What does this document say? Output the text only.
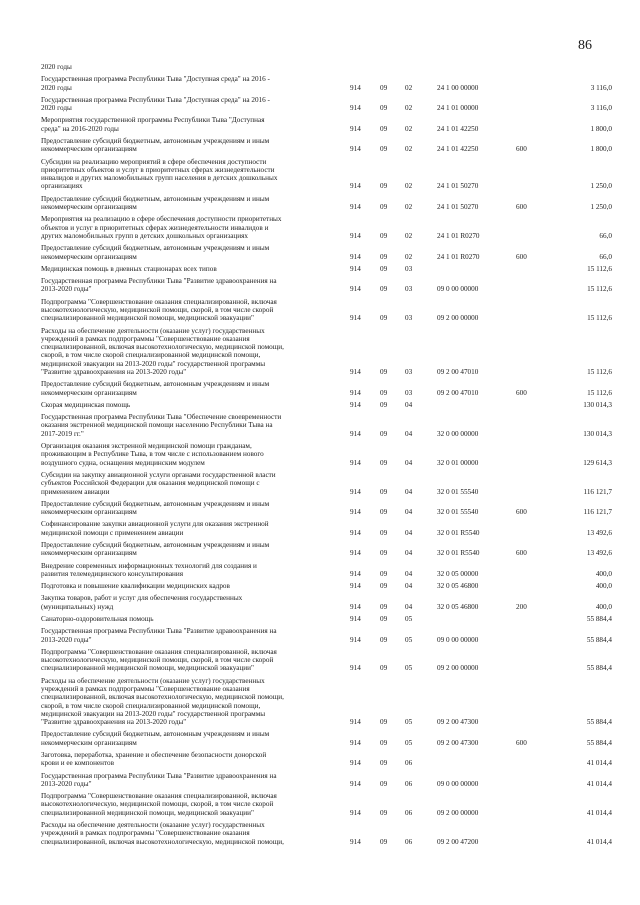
86
2020 годы
Государственная программа Республики Тыва "Доступная среда" на 2016 -
2020 годы	914	09	02	24 1 00 00000	3 116,0
Государственная программа Республики Тыва "Доступная среда" на 2016 -
2020 годы	914	09	02	24 1 01 00000	3 116,0
Мероприятия государственной программы Республики Тыва "Доступная
среда" на 2016-2020 годы	914	09	02	24 1 01 42250	1 800,0
Предоставление субсидий бюджетным, автономным учреждениям и иным
некоммерческим организациям	914	09	02	24 1 01 42250	600	1 800,0
Субсидии на реализацию мероприятий в сфере обеспечения доступности
приоритетных объектов и услуг в приоритетных сферах жизнедеятельности
инвалидов и других маломобильных групп населения в детских дошкольных
организациях	914	09	02	24 1 01 50270	1 250,0
Предоставление субсидий бюджетным, автономным учреждениям и иным
некоммерческим организациям	914	09	02	24 1 01 50270	600	1 250,0
Мероприятия на реализацию в сфере обеспечения доступности приоритетных
объектов и услуг в приоритетных сферах жизнедеятельности инвалидов и
других маломобильных групп в детских дошкольных организациях	914	09	02	24 1 01 R0270	66,0
Предоставление субсидий бюджетным, автономным учреждениям и иным
некоммерческим организациям	914	09	02	24 1 01 R0270	600	66,0
Медицинская помощь в дневных стационарах всех типов	914	09	03	15 112,6
Государственная программа Республики Тыва "Развитие здравоохранения на
2013-2020 годы"	914	09	03	09 0 00 00000	15 112,6
Подпрограмма "Совершенствование оказания специализированной, включая
высокотехнологическую, медицинской помощи, скорой, в том числе скорой
специализированной медицинской помощи, медицинской эвакуации"	914	09	03	09 2 00 00000	15 112,6
Расходы на обеспечение деятельности (оказание услуг) государственных
учреждений в рамках подпрограммы "Совершенствование оказания
специализированной, включая высокотехнологическую, медицинской помощи,
скорой, в том числе скорой специализированной медицинской помощи,
медицинской эвакуации на 2013-2020 годы" государственной программы
"Развитие здравоохранения на 2013-2020 годы"	914	09	03	09 2 00 47010	15 112,6
Предоставление субсидий бюджетным, автономным учреждениям и иным
некоммерческим организациям	914	09	03	09 2 00 47010	600	15 112,6
Скорая медицинская помощь	914	09	04	130 014,3
Государственная программа Республики Тыва "Обеспечение своевременности
оказания экстренной медицинской помощи населению Республики Тыва на
2017-2019 гг."	914	09	04	32 0 00 00000	130 014,3
Организация оказания экстренной медицинской помощи гражданам,
проживающим в Республике Тыва, в том числе с использованием нового
воздушного судна, оснащения медицинским модулем	914	09	04	32 0 01 00000	129 614,3
Субсидии на закупку авиационной услуги органами государственной власти
субъектов Российской Федерации для оказания медицинской помощи с
применением авиации	914	09	04	32 0 01 55540	116 121,7
Предоставление субсидий бюджетным, автономным учреждениям и иным
некоммерческим организациям	914	09	04	32 0 01 55540	600	116 121,7
Софинансирование закупки авиационной услуги для оказания экстренной
медицинской помощи с применением авиации	914	09	04	32 0 01 R5540	13 492,6
Предоставление субсидий бюджетным, автономным учреждениям и иным
некоммерческим организациям	914	09	04	32 0 01 R5540	600	13 492,6
Внедрение современных информационных технологий для создания и
развития телемедицинского консультирования	914	09	04	32 0 05 00000	400,0
Подготовка и повышение квалификации медицинских кадров	914	09	04	32 0 05 46800	400,0
Закупка товаров, работ и услуг для обеспечения государственных
(муниципальных) нужд	914	09	04	32 0 05 46800	200	400,0
Санаторно-оздоровительная помощь	914	09	05	55 884,4
Государственная программа Республики Тыва "Развитие здравоохранения на
2013-2020 годы"	914	09	05	09 0 00 00000	55 884,4
Подпрограмма "Совершенствование оказания специализированной, включая
высокотехнологическую, медицинской помощи, скорой, в том числе скорой
специализированной медицинской помощи, медицинской эвакуации"	914	09	05	09 2 00 00000	55 884,4
Расходы на обеспечение деятельности (оказание услуг) государственных
учреждений в рамках подпрограммы "Совершенствование оказания
специализированной, включая высокотехнологическую, медицинской помощи,
скорой, в том числе скорой специализированной медицинской помощи,
медицинской эвакуации на 2013-2020 годы" государственной программы
"Развитие здравоохранения на 2013-2020 годы"	914	09	05	09 2 00 47300	55 884,4
Предоставление субсидий бюджетным, автономным учреждениям и иным
некоммерческим организациям	914	09	05	09 2 00 47300	600	55 884,4
Заготовка, переработка, хранение и обеспечение безопасности донорской
крови и ее компонентов	914	09	06	41 014,4
Государственная программа Республики Тыва "Развитие здравоохранения на
2013-2020 годы"	914	09	06	09 0 00 00000	41 014,4
Подпрограмма "Совершенствование оказания специализированной, включая
высокотехнологическую, медицинской помощи, скорой, в том числе скорой
специализированной медицинской помощи, медицинской эвакуации"	914	09	06	09 2 00 00000	41 014,4
Расходы на обеспечение деятельности (оказание услуг) государственных
учреждений в рамках подпрограммы "Совершенствование оказания
специализированной, включая высокотехнологическую, медицинской помощи,	914	09	06	09 2 00 47200	41 014,4
